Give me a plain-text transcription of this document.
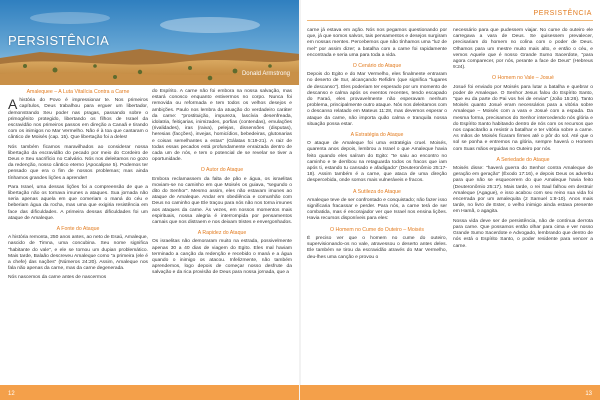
PERSISTÊNCIA
Donald Armstrong
Amalequee – A Luta Vitalícia Contra a Carne

Ahistória do Povo é impressionar te. Nos primeiros capítulos, Deus trabalhou para erguer um libertador, demonstrando Seu poder nas pragas, passando sobre o primogênito protegido, libertando os filhos de Israel da escravidão nos primeiros passos em direção a Canaã e tirando com os inimigos no Mar Vermelho. Não é à toa que cantaram o cântico de Moisés (cap. 15). Que libertação foi a deles!

Nós também ficamos maravilhados ao considerar nossa libertação da escravidão do pecado por meio do Cordeiro de Deus e Seu sacrifício no Calvário. Nós nos deleitamos no gozo da redenção, nosso cântico eterno (Apocalipse 5). Podemos ter pensado que era o fim de nossos problemas; mas ainda tínhamos grandes lições a aprender!

Para Israel, uma dessas lições foi a compreensão de que a libertação não os tornava imunes a ataques. Sua jornada não seria apenas aquela em que comeriam o maná do céu e beberiam água da rocha, mas uma que exigiria resistência em face das dificuldades. A primeira dessas dificuldades foi um ataque de Amaleque.

A Fonte do Ataque

A história remonta, 250 anos antes, ao neto de Esaú, Amaleque, nascido de Timna, uma concubina. Seu nome significa "habitante do vale", e ele se tornou um dupian problemático. Mais tarde, Balaão descreveu Amaleque como "a primeira (ele é a chefe) das nações" (Números 24:20). Assim, Amaleque nos fala não apenas da carne, mas da carne degenerada.

Nós nascemos da carne antes de nascermos

do Espírito. A carne não foi embora na nossa salvação, mas estará conosco enquanto estivermos no corpo. Nunca foi removida ou reformada e tem todos os velhos desejos e ambições. Paulo nos lembra da atuação do verdadeiro caráter da carne: "prostituição, impureza, lascívia desenfreada, idolatria, feitiçarias, inimizades, porfias (contendas), emulações (rivalidades), iras (raiva), pelejas, dissensões (disputas), heresias (facções), invejas, homicídios, bebedeiras, glutonarias e coisas semelhantes a estas" (Gálatas 5:19-21). A raiz de todas essas pecados está profundamente enraizada dentro de cada um de nós, e tem o potencial de se revelar se tiver a oportunidade.

O Autor do Ataque

Embora reclamassem da falta de pão e água, os israelitas moviam-se no caminho em que Moisés os guiava, "segundo o dito do Senhor". Mesmo assim, eles não estavam imunes ao ataque de Amaleque. Andar em obediência e comunhão com Deus no caminho que Ele traçou para nós não nos torna imunes aos ataques da carne. Às vezes, em nossos momentos mais espirituais, nossa alegria é interrompida por pensamentos carnais que nos distraem e nos deixam tristes e envergonhados.

A Rapidez do Ataque

Os israelitas não demoraram muito na estrada, possivelmente apenas 30 a 40 dias de viagem do Egito. Eles mal haviam terminado a canção da redenção e recebido o maná e a água quando o inimigo os atacou. Infelizmente, não também aprendemos, logo depois de começar nosso desfrute da salvação e da rica provisão de Deus para nossa jornada, que a

12
PERSISTÊNCIA

carne já estava em ação. Nós nos pegamos questionando por que, já que somos salvos, tais pensamentos e desejos surgiram em nossas mentes. Percebemos que não tínhamos uma "luz de mel" por assim dizer; a batalha com a carne foi rapidamente encontrada e seria uma para toda a vida.

O Cenário do Ataque

Depois do Egito e do Mar Vermelho, eles finalmente entraram no deserto de Sur, alcançando Refidim (que significa "lugares de descanso"). Eles poderiam ter esperado por um momento de descanso e calma após os eventos recentes, tendo escapado do Faraó, eles provavelmente não esperavam nenhum problema, principalmente outro ataque. Nós nos deleitamos com o descanso relatado em Mateus 11:28, mas devemos esperar o ataque da carne, não importa quão calma e tranquila nossa situação possa estar.

A Estratégia do Ataque

O ataque de Amaleque foi uma estratégia cruel. Moisés, quarenta anos depois, lembrou a Israel o que Amaleque havia feito quando eles saíram do Egito: "te saiu ao encontro no caminho e te derribou na retaguarda todos os fracos que iam após ti, estando tu cansado e afadigado" (Deuteronômio 25:17-18). Assim também é a carne, que ataca de uma direção despercebida, onde somos mais vulneráveis e fracos.

A Sutileza do Ataque

Amaleque teve de ser confrontado e conquistado; não fazer isso significaria fracassar e perder. Para nós, a carne terá de ser combatida, mas é encorajador ver que Israel nos ensina lições. Havia recursos disponíveis para eles:

O Homem no Cume do Outeiro – Moisés

É preciso ver que o homem no cume do outeiro, supervisionando-os no vale, atravessou o deserto antes deles. Ele também se tirou da escravidão através do Mar Vermelho, deu-lhes uma canção e provou o

necessário para que pudessem viajar. No cume do outeiro ele carregava a vara de Deus. Se quisessem prevalecer, precisariam do homem no colina com o poder de Deus. Olhamos para um mestre muito mais alto, e então o céu, e vemos Aquele que é nosso Grande Sumo Sacerdote, "para agora comparecer, por nós, perante a face de Deus" (Hebreus 9:24).

O Homem no Vale – Josué

Josué foi enviado por Moisés para lutar a batalha e quebrar o poder de Amaleque. O Senhor Jesus falou do Espírito Santo, "que eu da parte do Pai vos hei de enviar" (João 15:26). Tanto Moisés quanto Josué eram necessários para a vitória sobre Amaleque – Moisés com a vara e Josué com a espada. Da mesma forma, precisamos do Senhor intercedendo nós glória e do Espírito Santo habitando dentro de nós com os recursos que nos capacitarão a resistir a batalhar e ter vitória sobre a carne. As mãos de Moisés ficaram firmes até o pôr do sol. Até que o sol se ponha e entremos na glória, sempre haverá o Homem com Suas mãos erguidas no Outeiro por nós.

A Seriedade do Ataque

Moisés disse: "haverá guerra do Senhor contra Amaleque de geração em geração" (Êxodo 17:16), e depois Deus os advertiu para que não se esquecerem do que Amaleque havia feito (Deuteronômio 25:17). Mais tarde, o rei Saul falhou em destruir Amaleque (Agague), e isso acabou com seu reino sua vida foi encerrada por um amalequita (2 Samuel 1:8-10). Anos mais tarde, no livro de Ester, o velho inimigo ainda estava presente em Hamã, o agagita.

Nossa vida deve ser de persistência, não de contínua derrota para carne. Que possamos então olhar para cima e ver nosso Grande Sumo Sacerdote e Advogado, lembrando que dentro de nós está o Espírito Santo, o poder residente para vencer a carne.

13
